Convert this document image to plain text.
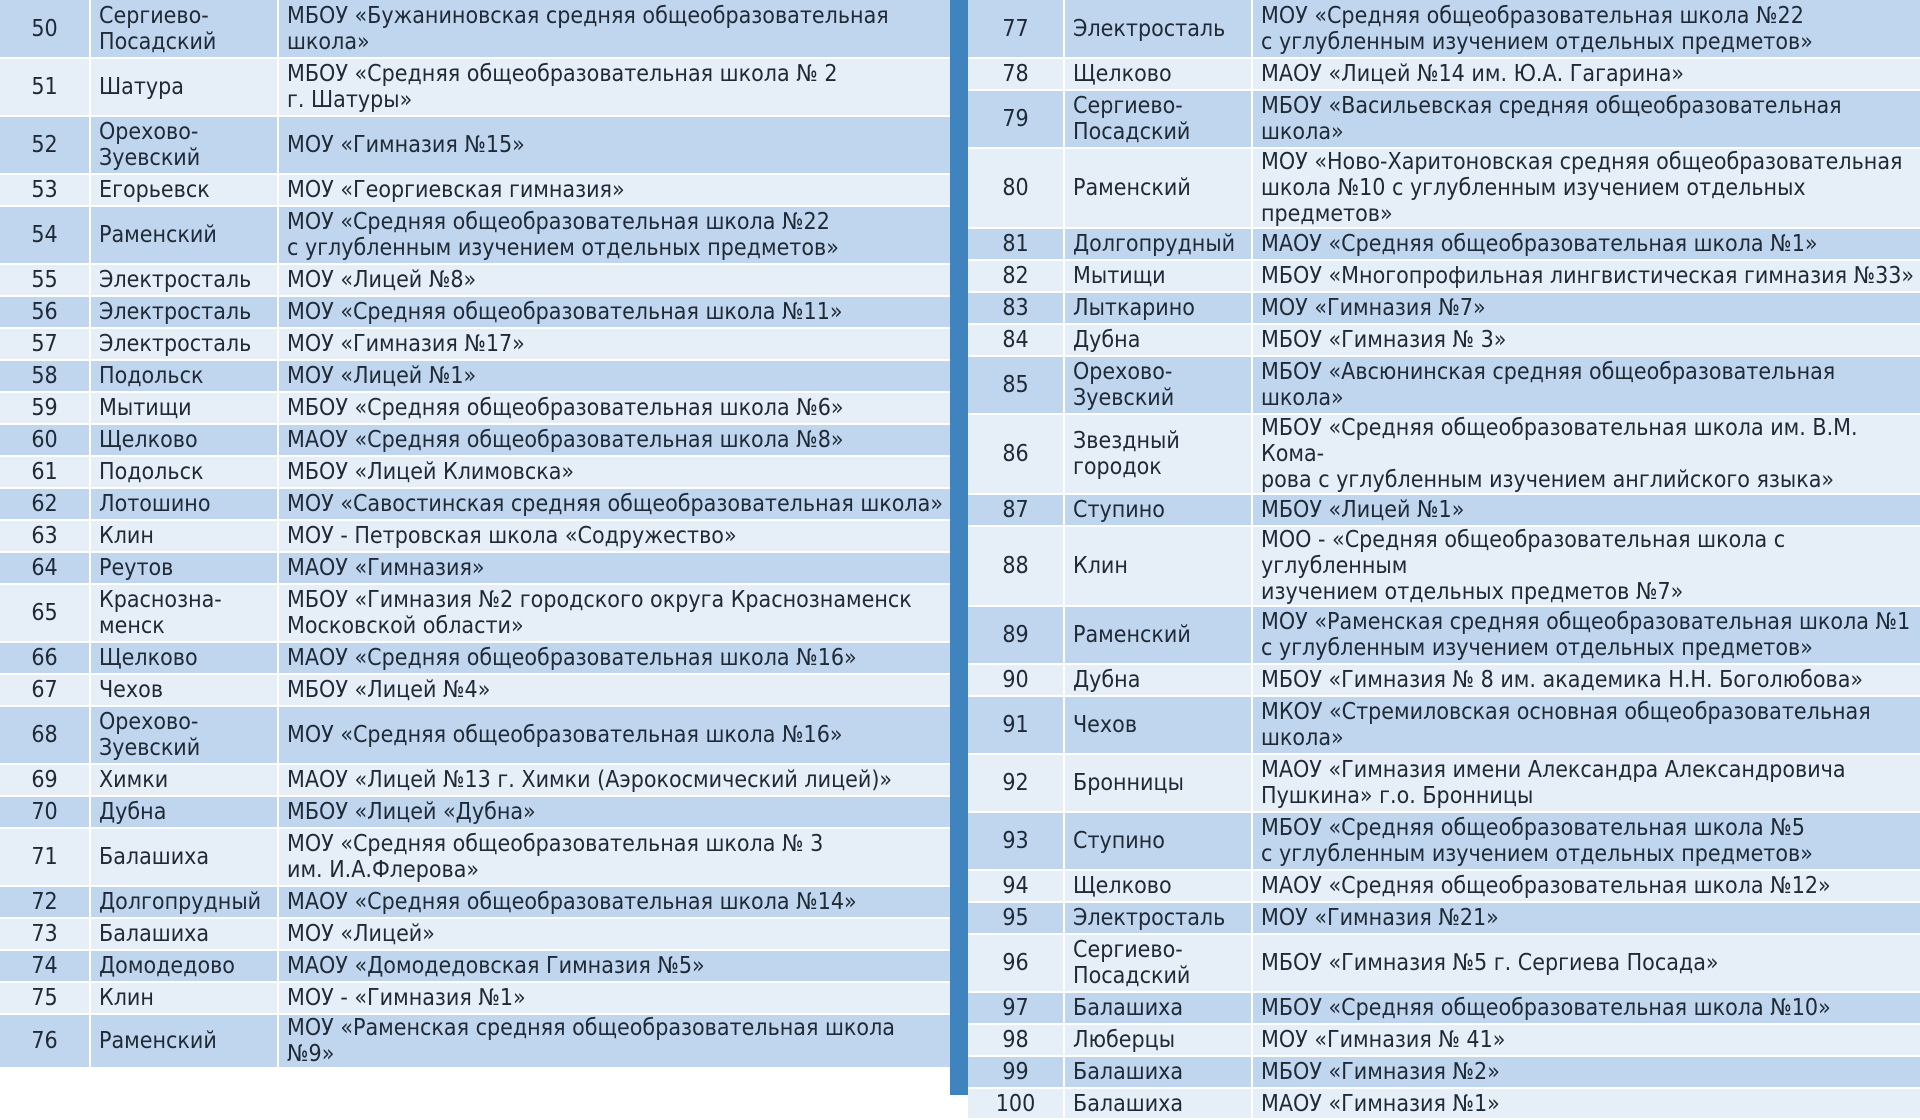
50	Сергиево-
Посадский	МБОУ «Бужаниновская средняя общеобразовательная
школа»
51	Шатура	МБОУ «Средняя общеобразовательная школа № 2
г. Шатуры»
52	Орехово-
Зуевский	МОУ «Гимназия №15»
53	Егорьевск	МОУ «Георгиевская гимназия»
54	Раменский	МОУ «Средняя общеобразовательная школа №22
с углубленным изучением отдельных предметов»
55	Электросталь	МОУ «Лицей №8»
56	Электросталь	МОУ «Средняя общеобразовательная школа №11»
57	Электросталь	МОУ «Гимназия №17»
58	Подольск	МОУ «Лицей №1»
59	Мытищи	МБОУ «Средняя общеобразовательная школа №6»
60	Щелково	МАОУ «Средняя общеобразовательная школа №8»
61	Подольск	МБОУ «Лицей Климовска»
62	Лотошино	МОУ «Савостинская средняя общеобразовательная школа»
63	Клин	МОУ - Петровская школа «Содружество»
64	Реутов	МАОУ «Гимназия»
65	Краснозна-
менск	МБОУ «Гимназия №2 городского округа Краснознаменск
Московской области»
66	Щелково	МАОУ «Средняя общеобразовательная школа №16»
67	Чехов	МБОУ «Лицей №4»
68	Орехово-
Зуевский	МОУ «Средняя общеобразовательная школа №16»
69	Химки	МАОУ «Лицей №13 г. Химки (Аэрокосмический лицей)»
70	Дубна	МБОУ «Лицей «Дубна»
71	Балашиха	МОУ «Средняя общеобразовательная школа № 3
им. И.А.Флерова»
72	Долгопрудный	МАОУ «Средняя общеобразовательная школа №14»
73	Балашиха	МОУ «Лицей»
74	Домодедово	МАОУ «Домодедовская Гимназия №5»
75	Клин	МОУ - «Гимназия №1»
76	Раменский	МОУ «Раменская средняя общеобразовательная школа №9»
77	Электросталь	МОУ «Средняя общеобразовательная школа №22
с углубленным изучением отдельных предметов»
78	Щелково	МАОУ «Лицей №14 им. Ю.А. Гагарина»
79	Сергиево-
Посадский	МБОУ «Васильевская средняя общеобразовательная школа»
80	Раменский	МОУ «Ново-Харитоновская средняя общеобразовательная
школа №10 с углубленным изучением отдельных предметов»
81	Долгопрудный	МАОУ «Средняя общеобразовательная школа №1»
82	Мытищи	МБОУ «Многопрофильная лингвистическая гимназия №33»
83	Лыткарино	МОУ «Гимназия №7»
84	Дубна	МБОУ «Гимназия № 3»
85	Орехово-
Зуевский	МБОУ «Авсюнинская средняя общеобразовательная школа»
86	Звездный
городок	МБОУ «Средняя общеобразовательная школа им. В.М. Кома-
рова с углубленным изучением английского языка»
87	Ступино	МБОУ «Лицей №1»
88	Клин	МОО - «Средняя общеобразовательная школа с углубленным
изучением отдельных предметов №7»
89	Раменский	МОУ «Раменская средняя общеобразовательная школа №1
с углубленным изучением отдельных предметов»
90	Дубна	МБОУ «Гимназия № 8 им. академика Н.Н. Боголюбова»
91	Чехов	МКОУ «Стремиловская основная общеобразовательная
школа»
92	Бронницы	МАОУ «Гимназия имени Александра Александровича
Пушкина» г.о. Бронницы
93	Ступино	МБОУ «Средняя общеобразовательная школа №5
с углубленным изучением отдельных предметов»
94	Щелково	МАОУ «Средняя общеобразовательная школа №12»
95	Электросталь	МОУ «Гимназия №21»
96	Сергиево-
Посадский	МБОУ «Гимназия №5 г. Сергиева Посада»
97	Балашиха	МБОУ «Средняя общеобразовательная школа №10»
98	Люберцы	МОУ «Гимназия № 41»
99	Балашиха	МБОУ «Гимназия №2»
100	Балашиха	МАОУ «Гимназия №1»
